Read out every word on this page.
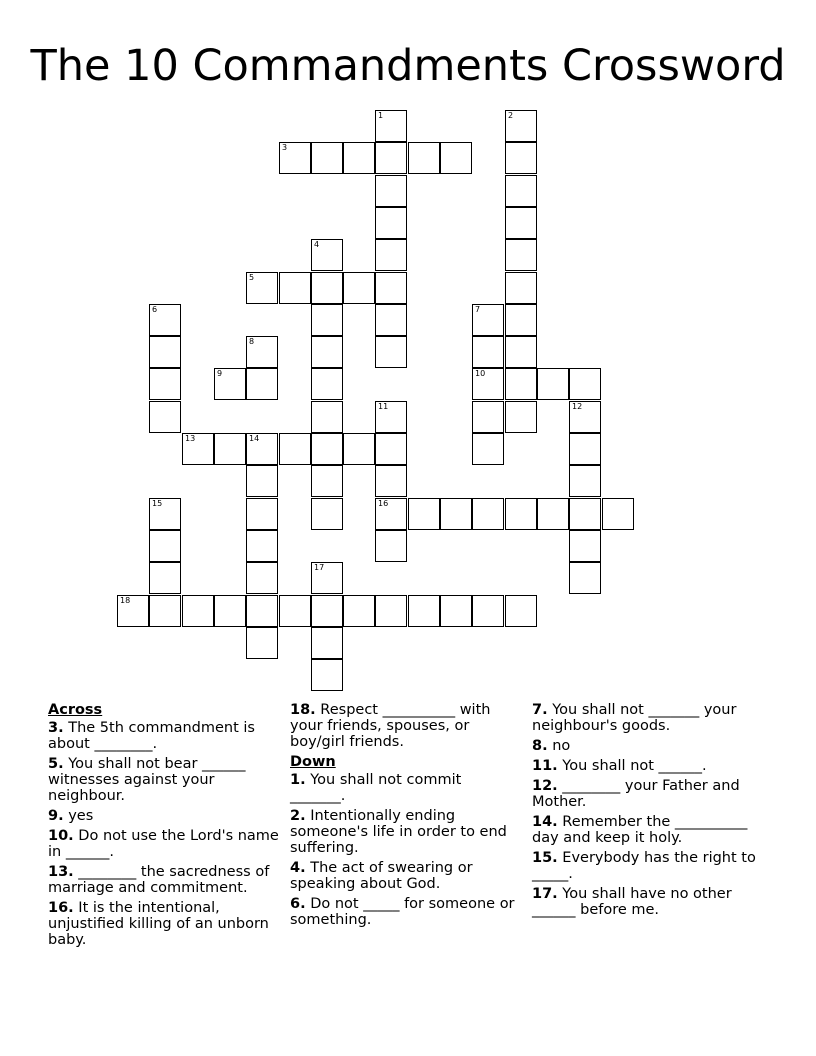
The 10 Commandments Crossword
1	2
3
4
5
6	7
10
8
9
11
16
12
13	14
15
17
18
Across
3. The 5th commandment is about ________.
5. You shall not bear ______ witnesses against your neighbour.
9. yes
10. Do not use the Lord's name in ______.
13. ________ the sacredness of marriage and commitment.
16. It is the intentional, unjustified killing of an unborn baby.
18. Respect __________ with your friends, spouses, or boy/girl friends.
Down
1. You shall not commit _______.
2. Intentionally ending someone's life in order to end suffering.
4. The act of swearing or speaking about God.
6. Do not _____ for someone or something.
7. You shall not _______ your neighbour's goods.
8. no
11. You shall not ______.
12. ________ your Father and Mother.
14. Remember the __________ day and keep it holy.
15. Everybody has the right to _____.
17. You shall have no other ______ before me.
